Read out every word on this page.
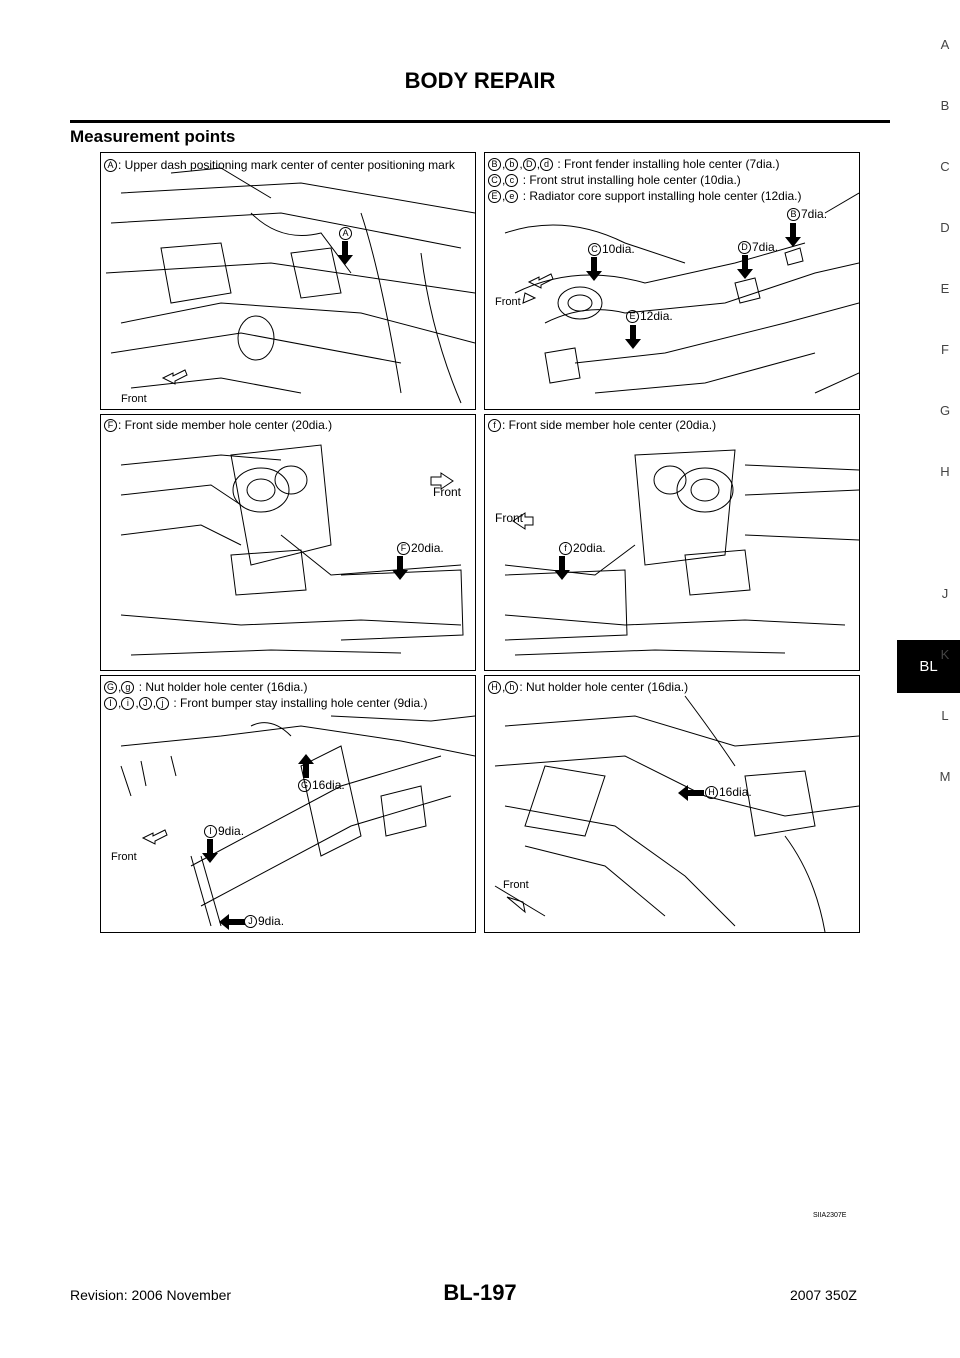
BODY REPAIR
Measurement points
A
B
C
D
E
F
G
H
BL
J
K
L
M
A : Upper dash positioning mark center of center positioning mark
A
Front
B , b , D , d : Front fender installing hole center (7dia.)
C , c : Front strut installing hole center (10dia.)
E , e : Radiator core support installing hole center (12dia.)
B 7dia.
C 10dia.	D 7dia.
E 12dia.
Front
F : Front side member hole center (20dia.)
Front
F 20dia.
f : Front side member hole center (20dia.)
Front
f 20dia.
G , g : Nut holder hole center (16dia.)
I , i , J , j : Front bumper stay installing hole center (9dia.)
G 16dia.
I 9dia.
J 9dia.
Front
H , h : Nut holder hole center (16dia.)
H 16dia.
Front
SIIA2307E
Revision: 2006 November	BL-197	2007 350Z
